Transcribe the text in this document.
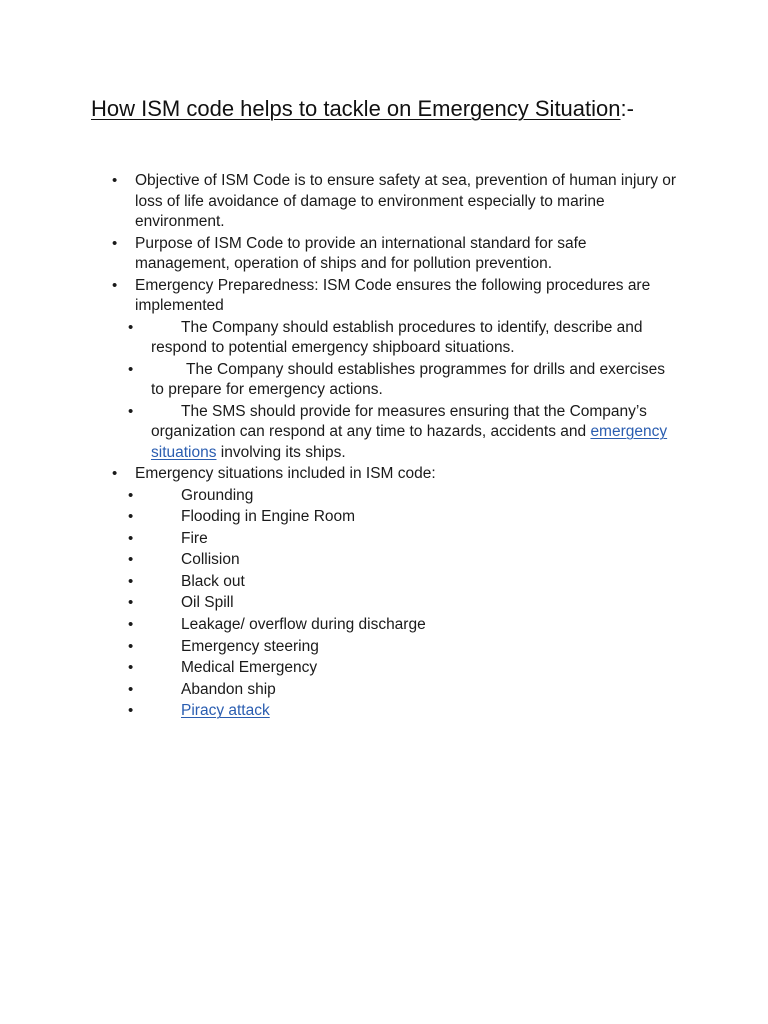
How ISM code helps to tackle on Emergency Situation:-

• Objective of ISM Code is to ensure safety at sea, prevention of human injury or loss of life avoidance of damage to environment especially to marine environment.

• Purpose of ISM Code to provide an international standard for safe management, operation of ships and for pollution prevention.

• Emergency Preparedness: ISM Code ensures the following procedures are implemented

•	The Company should establish procedures to identify, describe and respond to potential emergency shipboard situations.

•	The Company should establishes programmes for drills and exercises to prepare for emergency actions.

•	The SMS should provide for measures ensuring that the Company’s organization can respond at any time to hazards, accidents and emergency situations involving its ships.

• Emergency situations included in ISM code:

•	Grounding

•	Flooding in Engine Room

•	Fire

•	Collision

•	Black out

•	Oil Spill

•	Leakage/ overflow during discharge

•	Emergency steering

•	Medical Emergency

•	Abandon ship

•	Piracy attack
